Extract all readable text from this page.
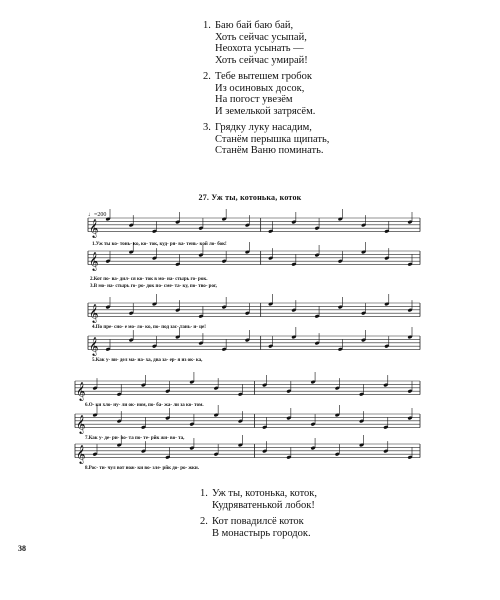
1. Баю бай баю бай,
Хоть сейчас усыпай,
Неохота усынать —
Хоть сейчас умирай!
2. Тебе вытешем гробок
Из осиновых досок,
На погост увезём
И земелькой затрясём.
3. Грядку луку насадим,
Станём перышка щипать,
Станём Ваню поминать.
27. Уж ты, котонька, коток
♩=200
𝄞
𝄞
𝄞
𝄞
𝄞
𝄞
𝄞
1.Уж ты ко- тонь- ко, ко- ток, куд- ря- ва- тень- кой ло- бок!
2.Кот по- ва- дил- ся ко- ток в мо- на- стырь го- рок.
3.В мо- на- стырь го- ро- док по- сме- та- ку, по- тво- рог,
4.По пре- сно- е мо- ло- ко, по- под зас- тань- и- це!
5.Как у- ви- дел ма- на- ха, два за- ер- я из ок- ка,
6.О- ки хло- ну- ли ок- ном, по- ба- жа- ли за ко- том.
7.Как у- де- ри- во- та по- те- рйк жи- во- та,
8.Рос- ти- чул вот нож- ки во- зле- рйк до- ро- жки.
1. Уж ты, котонька, коток,
Кудряватенькой лобок!
2. Кот повадилсё коток
В монастырь городок.
38
